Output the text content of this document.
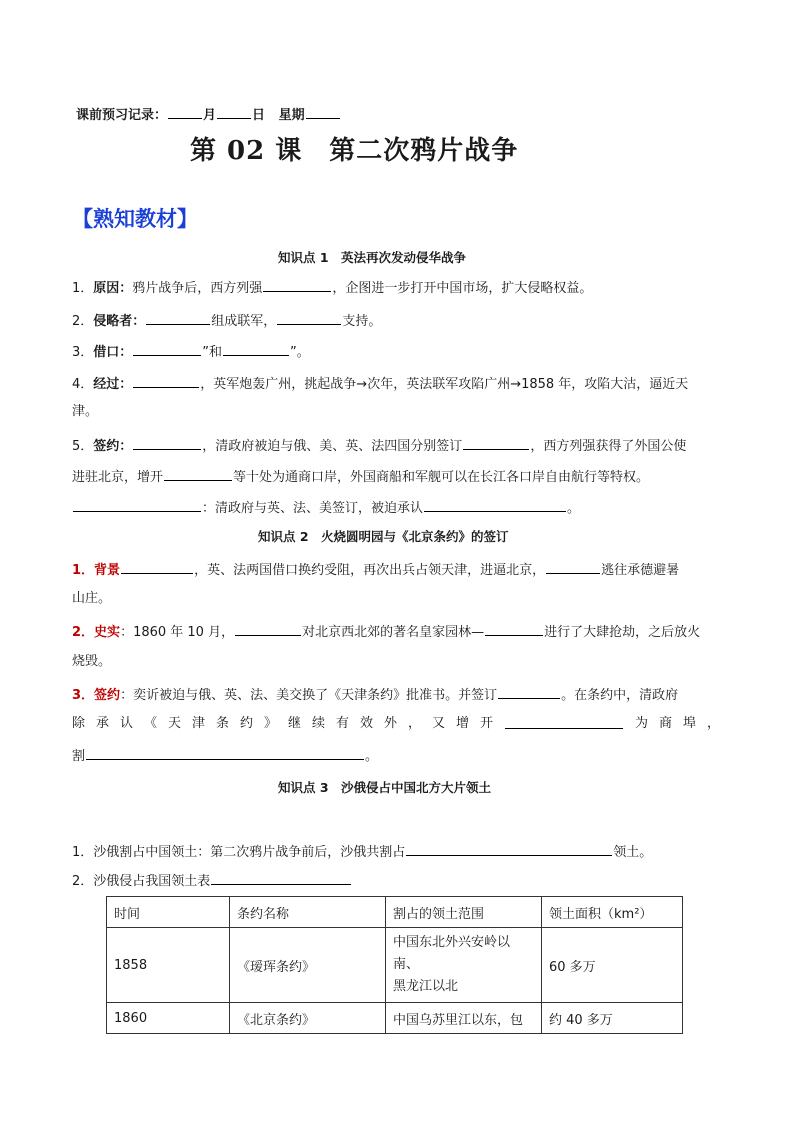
课前预习记录：	月	日 星期
第 02 课　第二次鸦片战争
【熟知教材】
知识点 1　英法再次发动侵华战争
1．原因：鸦片战争后，西方列强	，企图进一步打开中国市场，扩大侵略权益。
2．侵略者：	组成联军，	支持。
3．借口：	”和	”。
4．经过：	，英军炮轰广州，挑起战争→次年，英法联军攻陷广州→1858 年，攻陷大沽，逼近天
津。
5．签约：	，清政府被迫与俄、美、英、法四国分别签订	，西方列强获得了外国公使
进驻北京，增开	等十处为通商口岸，外国商船和军舰可以在长江各口岸自由航行等特权。
：清政府与英、法、美签订，被迫承认	。
知识点 2　火烧圆明园与《北京条约》的签订
1．背景	，英、法两国借口换约受阻，再次出兵占领天津，进逼北京，	逃往承德避暑
山庄。
2．史实：1860 年 10 月，	对北京西北郊的著名皇家园林—	进行了大肆抢劫，之后放火
烧毁。
3．签约：奕䜣被迫与俄、英、法、美交换了《天津条约》批准书。并签订	。在条约中，清政府
除 承 认 《 天 津 条 约 》 继 续 有 效 外 ， 又 增 开	为 商 埠 ，
割	。
知识点 3　沙俄侵占中国北方大片领土
1．沙俄割占中国领土：第二次鸦片战争前后，沙俄共割占	领土。
2．沙俄侵占我国领土表
时间	条约名称	割占的领土范围	领土面积（km²）
1858	《瑷珲条约》	中国东北外兴安岭以南、
黑龙江以北	60 多万
1860	《北京条约》	中国乌苏里江以东，包	约 40 多万
